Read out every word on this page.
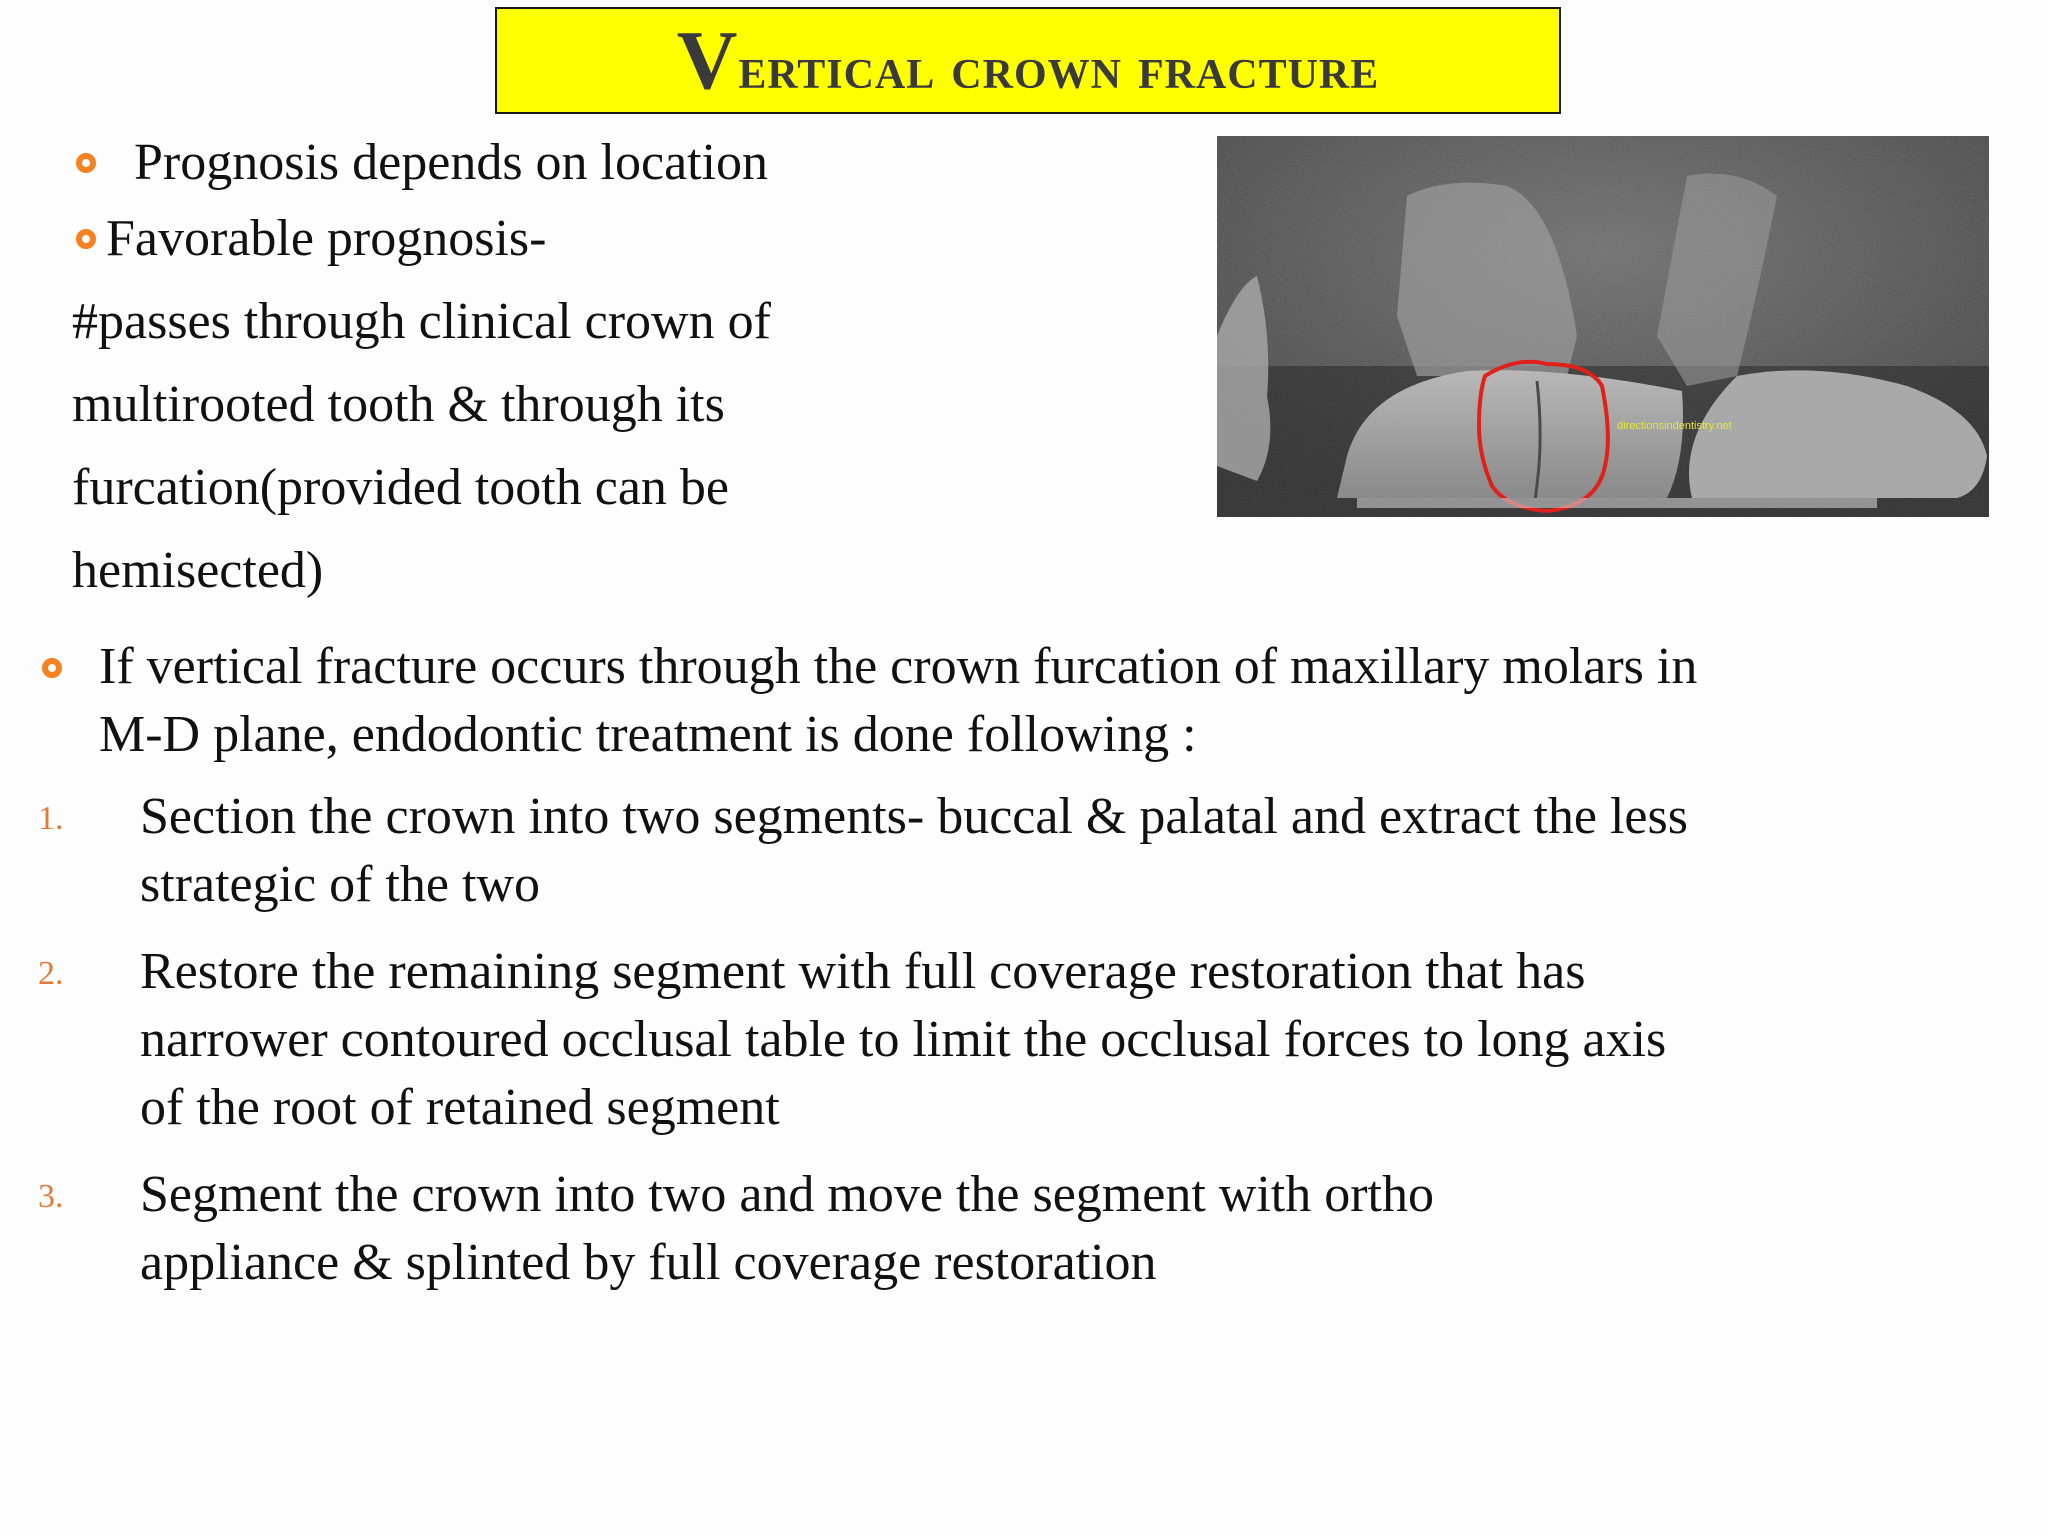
Vertical crown fracture
Prognosis depends on location
Favorable prognosis-
#passes through clinical crown of
multirooted tooth & through its
furcation(provided tooth can be
hemisected)
directionsindentistry.net
If vertical fracture occurs through the crown furcation of maxillary molars in
M-D plane, endodontic treatment is done following :
1. Section the crown into two segments- buccal & palatal and extract the less
strategic of the two
2. Restore the remaining segment with full coverage restoration that has
narrower contoured occlusal table to limit the occlusal forces to long axis
of the root of retained segment
3. Segment the crown into two and move the segment with ortho
appliance & splinted by full coverage restoration
